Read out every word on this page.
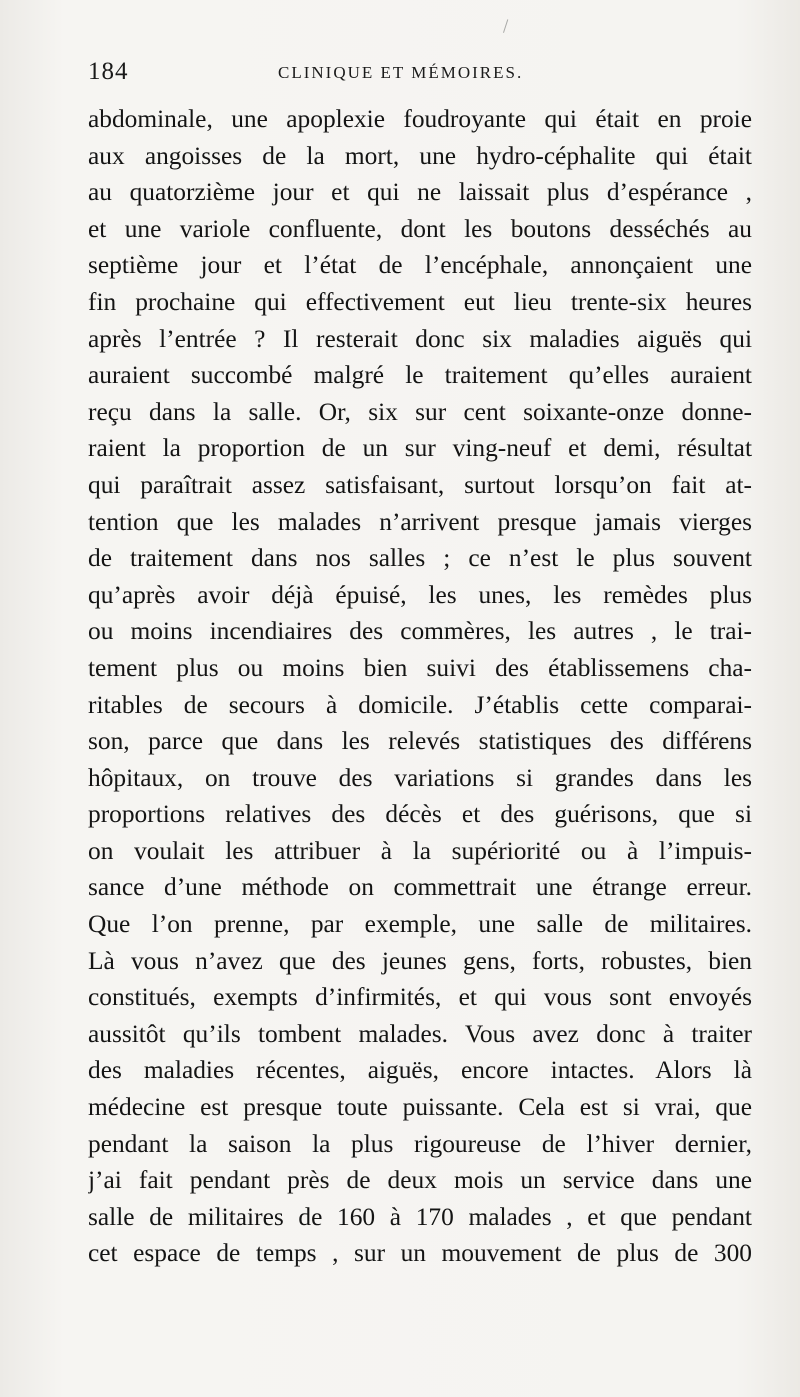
184	CLINIQUE ET MÉMOIRES.
abdominale, une apoplexie foudroyante qui était en proie
aux angoisses de la mort, une hydro-céphalite qui était
au quatorzième jour et qui ne laissait plus d’espérance ,
et une variole confluente, dont les boutons desséchés au
septième jour et l’état de l’encéphale, annonçaient une
fin prochaine qui effectivement eut lieu trente-six heures
après l’entrée ? Il resterait donc six maladies aiguës qui
auraient succombé malgré le traitement qu’elles auraient
reçu dans la salle. Or, six sur cent soixante-onze donne-
raient la proportion de un sur ving-neuf et demi, résultat
qui paraîtrait assez satisfaisant, surtout lorsqu’on fait at-
tention que les malades n’arrivent presque jamais vierges
de traitement dans nos salles ; ce n’est le plus souvent
qu’après avoir déjà épuisé, les unes, les remèdes plus
ou moins incendiaires des commères, les autres , le trai-
tement plus ou moins bien suivi des établissemens cha-
ritables de secours à domicile. J’établis cette comparai-
son, parce que dans les relevés statistiques des différens
hôpitaux, on trouve des variations si grandes dans les
proportions relatives des décès et des guérisons, que si
on voulait les attribuer à la supériorité ou à l’impuis-
sance d’une méthode on commettrait une étrange erreur.
Que l’on prenne, par exemple, une salle de militaires.
Là vous n’avez que des jeunes gens, forts, robustes, bien
constitués, exempts d’infirmités, et qui vous sont envoyés
aussitôt qu’ils tombent malades. Vous avez donc à traiter
des maladies récentes, aiguës, encore intactes. Alors là
médecine est presque toute puissante. Cela est si vrai, que
pendant la saison la plus rigoureuse de l’hiver dernier,
j’ai fait pendant près de deux mois un service dans une
salle de militaires de 160 à 170 malades , et que pendant
cet espace de temps , sur un mouvement de plus de 300
